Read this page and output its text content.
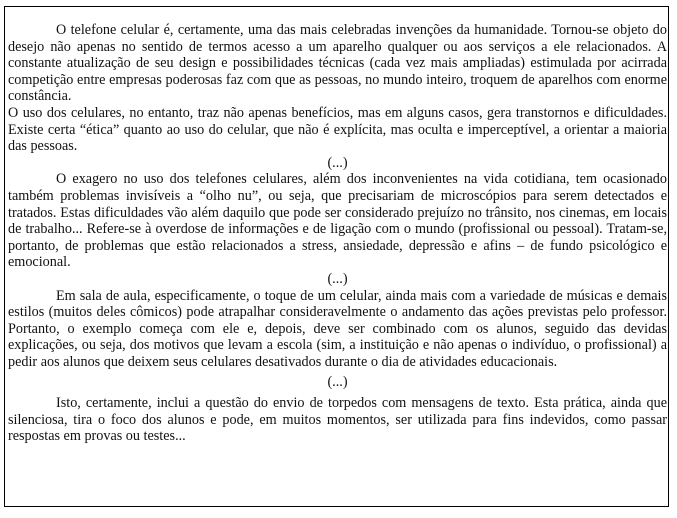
O telefone celular é, certamente, uma das mais celebradas invenções da humanidade. Tornou-se objeto do desejo não apenas no sentido de termos acesso a um aparelho qualquer ou aos serviços a ele relacionados. A constante atualização de seu design e possibilidades técnicas (cada vez mais ampliadas) estimulada por acirrada competição entre empresas poderosas faz com que as pessoas, no mundo inteiro, troquem de aparelhos com enorme constância.

O uso dos celulares, no entanto, traz não apenas benefícios, mas em alguns casos, gera transtornos e dificuldades. Existe certa “ética” quanto ao uso do celular, que não é explícita, mas oculta e imperceptível, a orientar a maioria das pessoas.

(...)

O exagero no uso dos telefones celulares, além dos inconvenientes na vida cotidiana, tem ocasionado também problemas invisíveis a “olho nu”, ou seja, que precisariam de microscópios para serem detectados e tratados. Estas dificuldades vão além daquilo que pode ser considerado prejuízo no trânsito, nos cinemas, em locais de trabalho... Refere-se à overdose de informações e de ligação com o mundo (profissional ou pessoal). Tratam-se, portanto, de problemas que estão relacionados a stress, ansiedade, depressão e afins – de fundo psicológico e emocional.

(...)

Em sala de aula, especificamente, o toque de um celular, ainda mais com a variedade de músicas e demais estilos (muitos deles cômicos) pode atrapalhar consideravelmente o andamento das ações previstas pelo professor. Portanto, o exemplo começa com ele e, depois, deve ser combinado com os alunos, seguido das devidas explicações, ou seja, dos motivos que levam a escola (sim, a instituição e não apenas o indivíduo, o profissional) a pedir aos alunos que deixem seus celulares desativados durante o dia de atividades educacionais.

(...)

Isto, certamente, inclui a questão do envio de torpedos com mensagens de texto. Esta prática, ainda que silenciosa, tira o foco dos alunos e pode, em muitos momentos, ser utilizada para fins indevidos, como passar respostas em provas ou testes...
